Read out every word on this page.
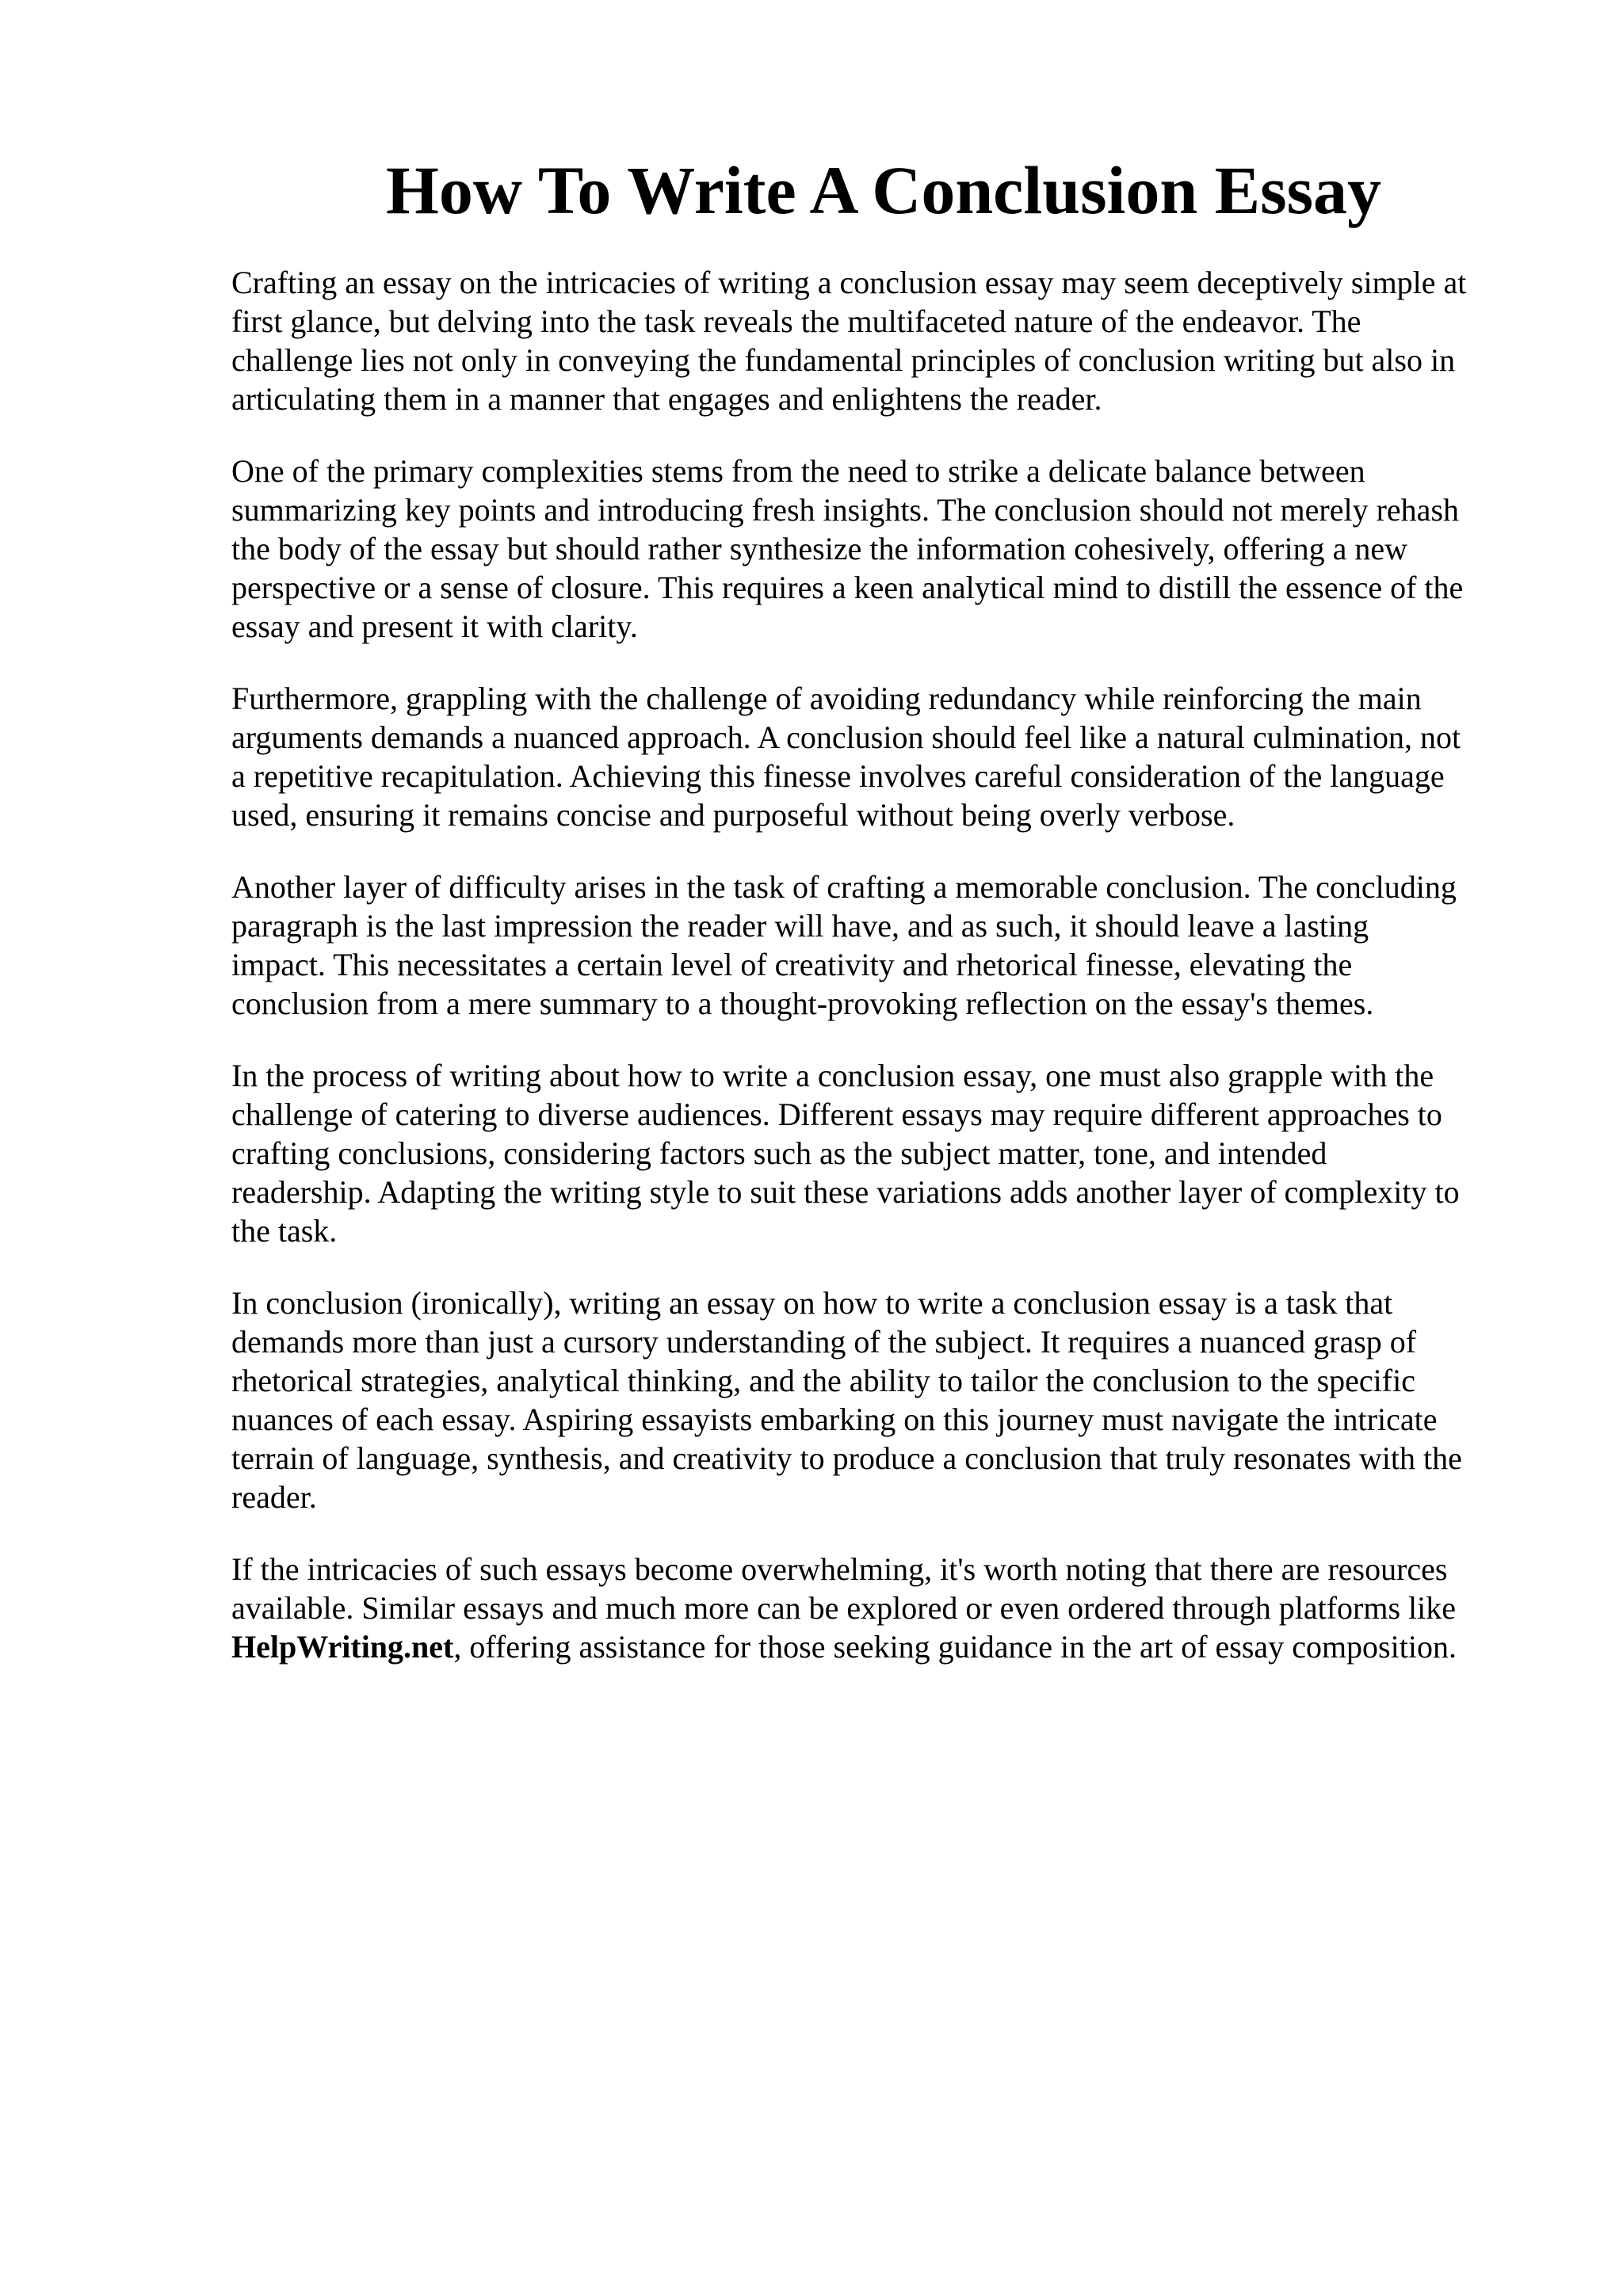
How To Write A Conclusion Essay

Crafting an essay on the intricacies of writing a conclusion essay may seem deceptively simple at
first glance, but delving into the task reveals the multifaceted nature of the endeavor. The
challenge lies not only in conveying the fundamental principles of conclusion writing but also in
articulating them in a manner that engages and enlightens the reader.

One of the primary complexities stems from the need to strike a delicate balance between
summarizing key points and introducing fresh insights. The conclusion should not merely rehash
the body of the essay but should rather synthesize the information cohesively, offering a new
perspective or a sense of closure. This requires a keen analytical mind to distill the essence of the
essay and present it with clarity.

Furthermore, grappling with the challenge of avoiding redundancy while reinforcing the main
arguments demands a nuanced approach. A conclusion should feel like a natural culmination, not
a repetitive recapitulation. Achieving this finesse involves careful consideration of the language
used, ensuring it remains concise and purposeful without being overly verbose.

Another layer of difficulty arises in the task of crafting a memorable conclusion. The concluding
paragraph is the last impression the reader will have, and as such, it should leave a lasting
impact. This necessitates a certain level of creativity and rhetorical finesse, elevating the
conclusion from a mere summary to a thought-provoking reflection on the essay's themes.

In the process of writing about how to write a conclusion essay, one must also grapple with the
challenge of catering to diverse audiences. Different essays may require different approaches to
crafting conclusions, considering factors such as the subject matter, tone, and intended
readership. Adapting the writing style to suit these variations adds another layer of complexity to
the task.

In conclusion (ironically), writing an essay on how to write a conclusion essay is a task that
demands more than just a cursory understanding of the subject. It requires a nuanced grasp of
rhetorical strategies, analytical thinking, and the ability to tailor the conclusion to the specific
nuances of each essay. Aspiring essayists embarking on this journey must navigate the intricate
terrain of language, synthesis, and creativity to produce a conclusion that truly resonates with the
reader.

If the intricacies of such essays become overwhelming, it's worth noting that there are resources
available. Similar essays and much more can be explored or even ordered through platforms like
HelpWriting.net, offering assistance for those seeking guidance in the art of essay composition.
